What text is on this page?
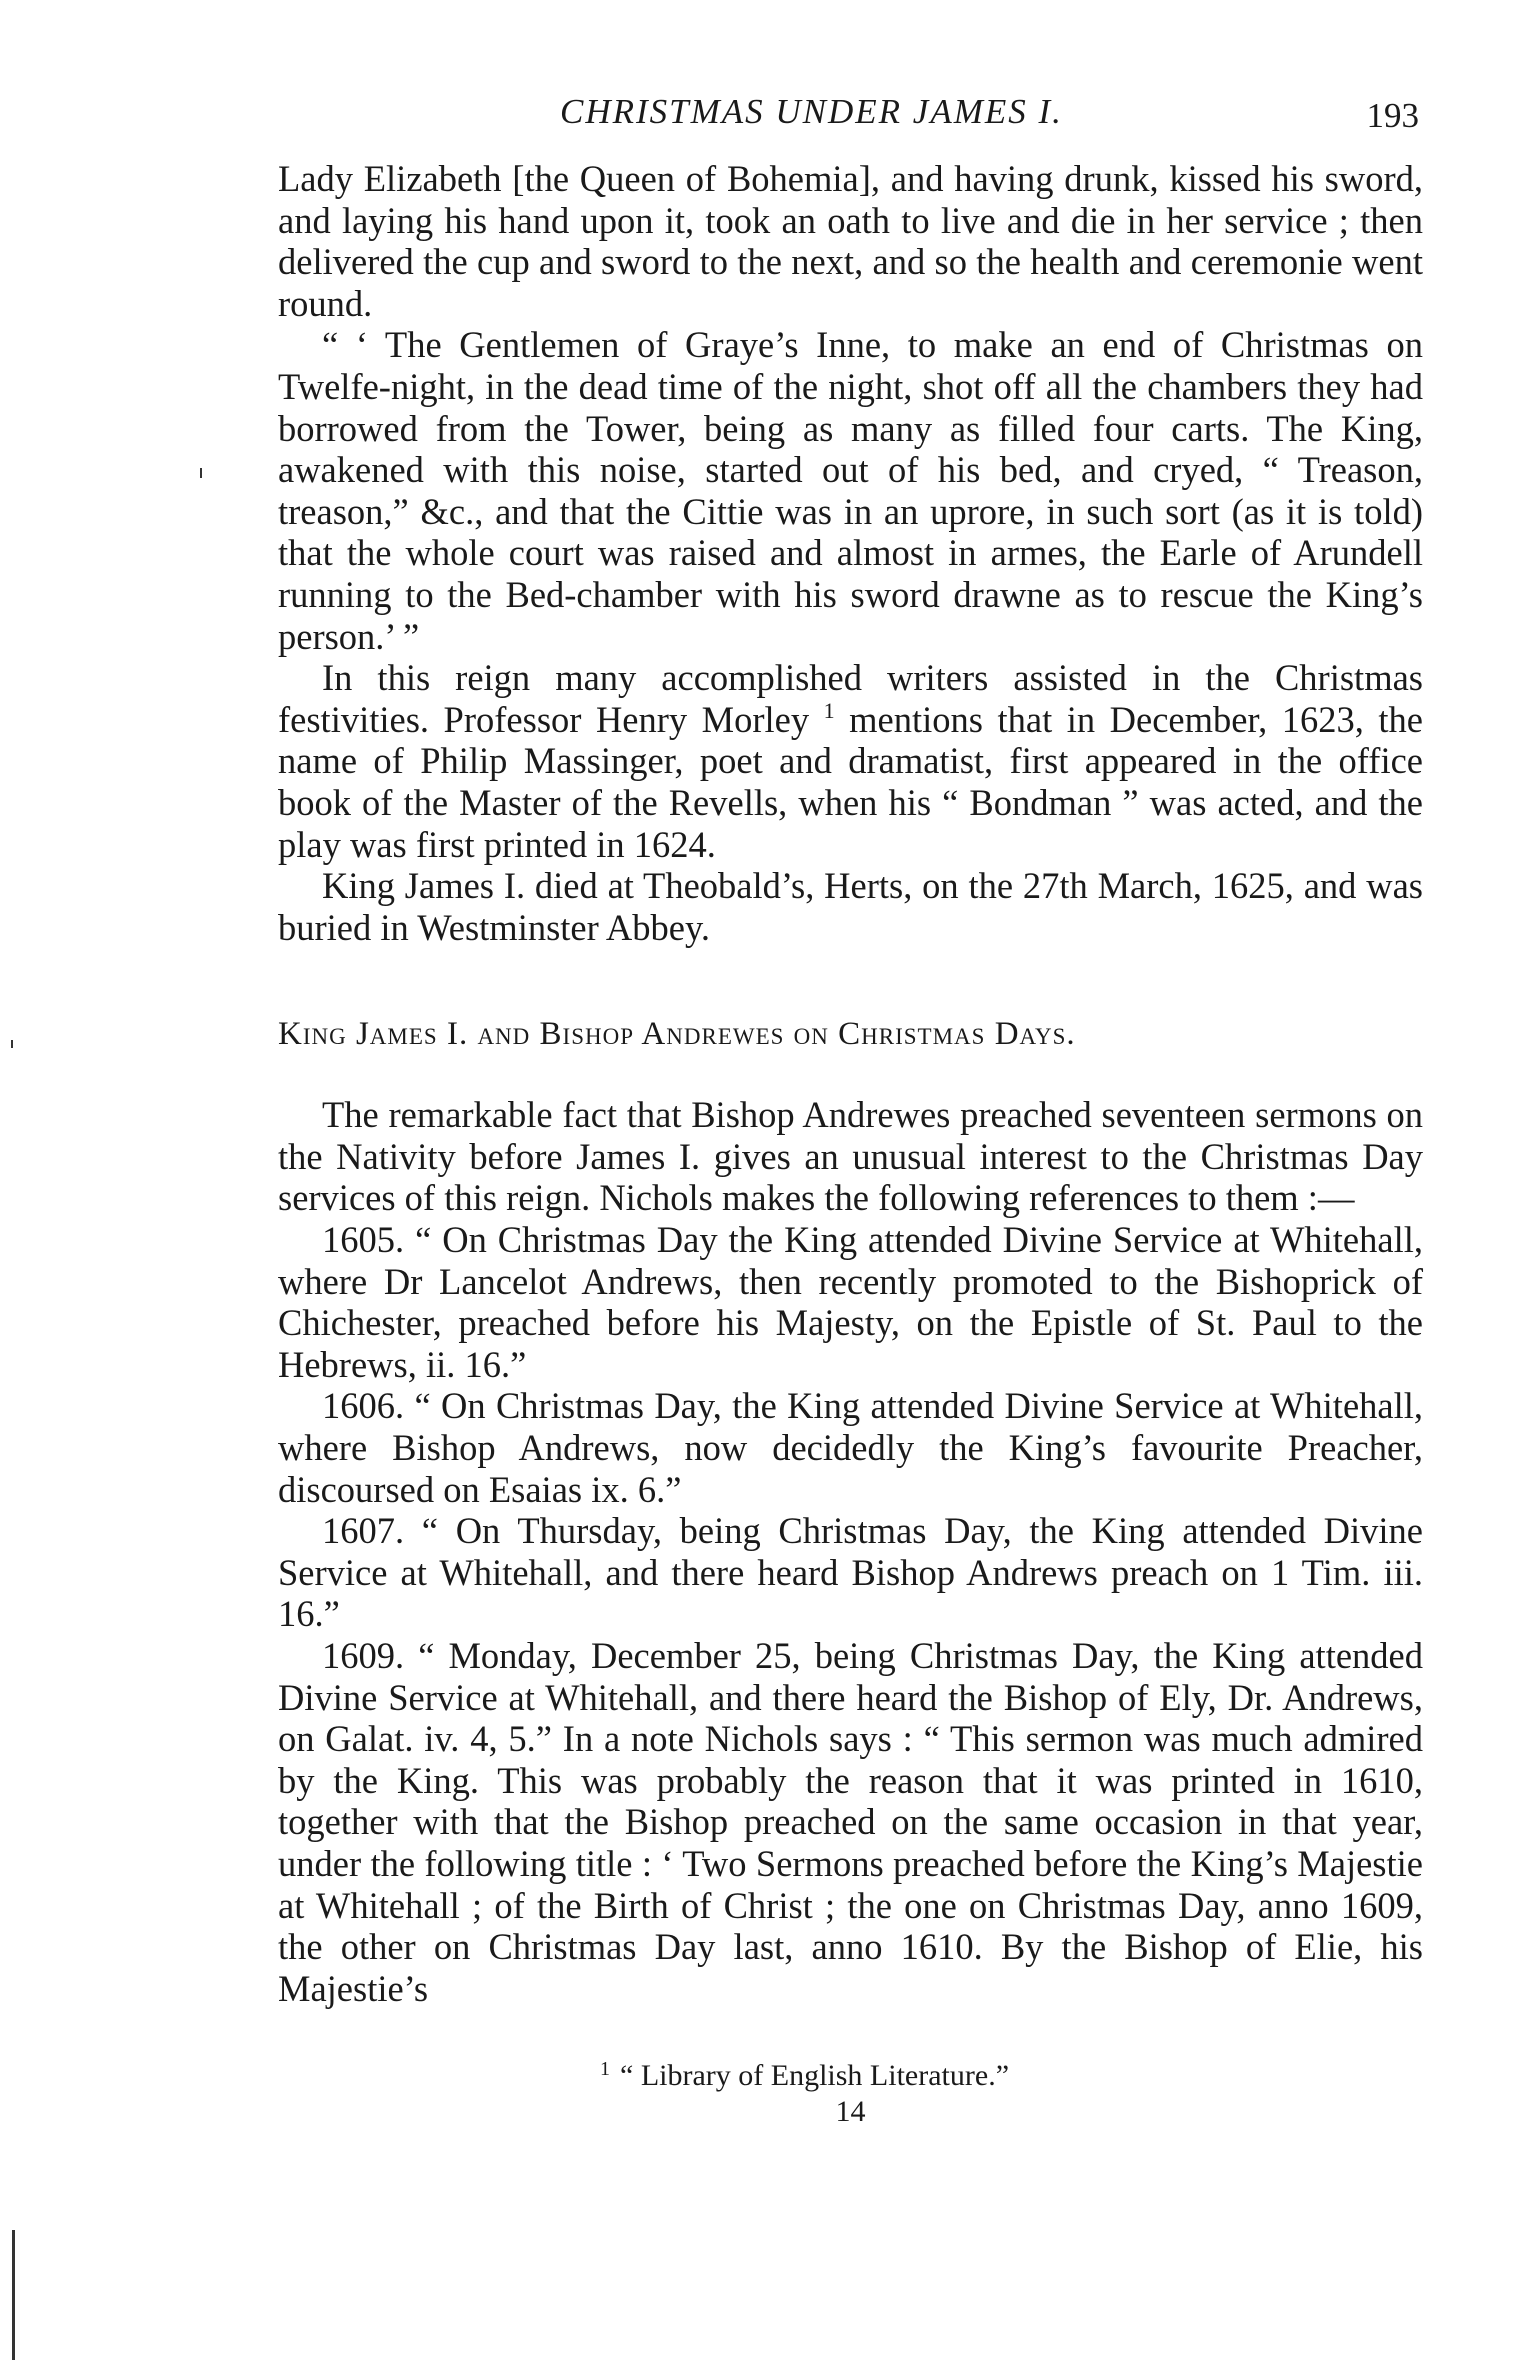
CHRISTMAS UNDER JAMES I.	193

Lady Elizabeth [the Queen of Bohemia], and having drunk, kissed his sword, and laying his hand upon it, took an oath to live and die in her service ; then delivered the cup and sword to the next, and so the health and ceremonie went round.

“ ‘ The Gentlemen of Graye’s Inne, to make an end of Christmas on Twelfe-night, in the dead time of the night, shot off all the chambers they had borrowed from the Tower, being as many as filled four carts. The King, awakened with this noise, started out of his bed, and cryed, “ Treason, treason,” &c., and that the Cittie was in an uprore, in such sort (as it is told) that the whole court was raised and almost in armes, the Earle of Arundell running to the Bed-chamber with his sword drawne as to rescue the King’s person.’ ”

In this reign many accomplished writers assisted in the Christmas festivities. Professor Henry Morley $^1$ mentions that in December, 1623, the name of Philip Massinger, poet and dramatist, first appeared in the office book of the Master of the Revells, when his “ Bondman ” was acted, and the play was first printed in 1624.

King James I. died at Theobald’s, Herts, on the 27th March, 1625, and was buried in Westminster Abbey.

King James I. and Bishop Andrewes on Christmas Days.

The remarkable fact that Bishop Andrewes preached seventeen sermons on the Nativity before James I. gives an unusual interest to the Christmas Day services of this reign. Nichols makes the following references to them :—

1605. “ On Christmas Day the King attended Divine Service at Whitehall, where Dr Lancelot Andrews, then recently promoted to the Bishoprick of Chichester, preached before his Majesty, on the Epistle of St. Paul to the Hebrews, ii. 16.”

1606. “ On Christmas Day, the King attended Divine Service at Whitehall, where Bishop Andrews, now decidedly the King’s favourite Preacher, discoursed on Esaias ix. 6.”

1607. “ On Thursday, being Christmas Day, the King attended Divine Service at Whitehall, and there heard Bishop Andrews preach on 1 Tim. iii. 16.”

1609. “ Monday, December 25, being Christmas Day, the King attended Divine Service at Whitehall, and there heard the Bishop of Ely, Dr. Andrews, on Galat. iv. 4, 5.” In a note Nichols says : “ This sermon was much admired by the King. This was probably the reason that it was printed in 1610, together with that the Bishop preached on the same occasion in that year, under the following title : ‘ Two Sermons preached before the King’s Majestie at Whitehall ; of the Birth of Christ ; the one on Christmas Day, anno 1609, the other on Christmas Day last, anno 1610. By the Bishop of Elie, his Majestie’s

$^1$ “ Library of English Literature.”
14
